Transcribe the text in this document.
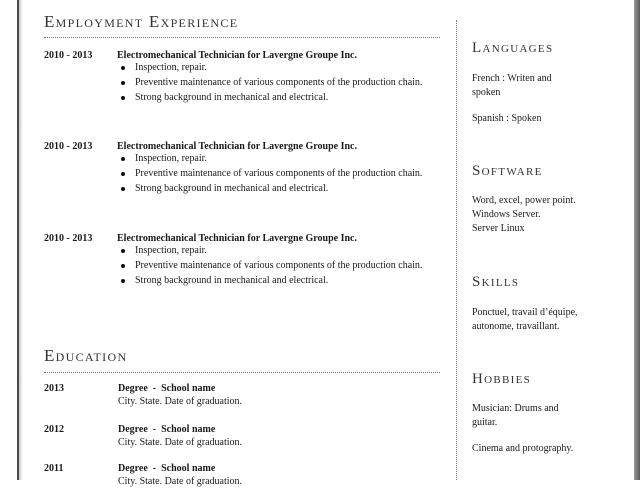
Employment Experience
2010 - 2013 Electromechanical Technician for Lavergne Groupe Inc.
Inspection, repair.
Preventive maintenance of various components of the production chain.
Strong background in mechanical and electrical.
2010 - 2013 Electromechanical Technician for Lavergne Groupe Inc.
Inspection, repair.
Preventive maintenance of various components of the production chain.
Strong background in mechanical and electrical.
2010 - 2013 Electromechanical Technician for Lavergne Groupe Inc.
Inspection, repair.
Preventive maintenance of various components of the production chain.
Strong background in mechanical and electrical.
Education
2013	Degree  -  School name
City. State. Date of graduation.
2012	Degree  -  School name
City. State. Date of graduation.
2011	Degree  -  School name
City. State. Date of graduation.
Languages
French : Writen and
spoken
Spanish : Spoken
Software
Word, excel, power point.
Windows Server.
Server Linux
Skills
Ponctuel, travail d’équipe,
autonome, travaillant.
Hobbies
Musician: Drums and
guitar.
Cinema and protography.
